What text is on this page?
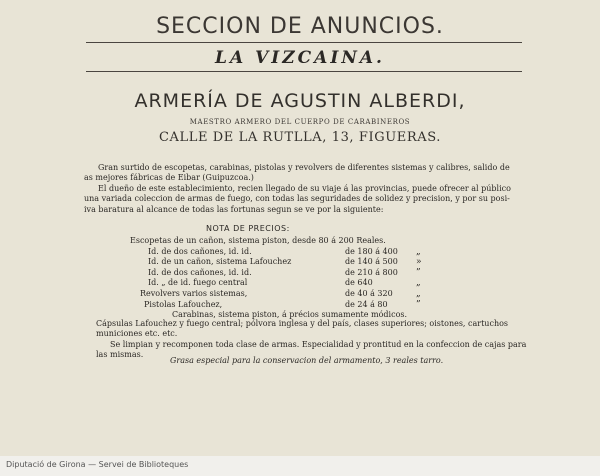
SECCION DE ANUNCIOS.
LA VIZCAINA.
ARMERÍA DE AGUSTIN ALBERDI,
MAESTRO ARMERO DEL CUERPO DE CARABINEROS
CALLE DE LA RUTLLA, 13, FIGUERAS.
Gran surtido de escopetas, carabinas, pistolas y revolvers de diferentes sistemas y calibres, salido de
as mejores fábricas de Eibar (Guipuzcoa.)
El dueño de este establecimiento, recien llegado de su viaje á las provincias, puede ofrecer al público
una variada coleccion de armas de fuego, con todas las seguridades de solidez y precision, y por su posi-
iva baratura al alcance de todas las fortunas segun se ve por la siguiente:
NOTA DE PRECIOS:
Escopetas de un cañon, sistema piston, desde 80 á 200 Reales.
Id. de dos cañones, id. id.	de 180 á 400 „
Id. de un cañon, sistema Lafouchez	de 140 á 500 »
Id. de dos cañones, id. id.	de 210 á 800 ”
Id. „ de id. fuego central	de 640	„
Revolvers varios sistemas,	de 40 á 320	„
Pistolas Lafouchez,	de 24 á 80	”
Carabinas, sistema piston, á précios sumamente módicos.
Cápsulas Lafouchez y fuego central; pólvora inglesa y del país, clases superiores; oistones, cartuchos
municiones etc. etc.
Se limpian y recomponen toda clase de armas. Especialidad y prontitud en la confeccion de cajas para
las mismas.
Grasa especial para la conservacion del armamento, 3 reales tarro.
Diputació de Girona — Servei de Biblioteques
